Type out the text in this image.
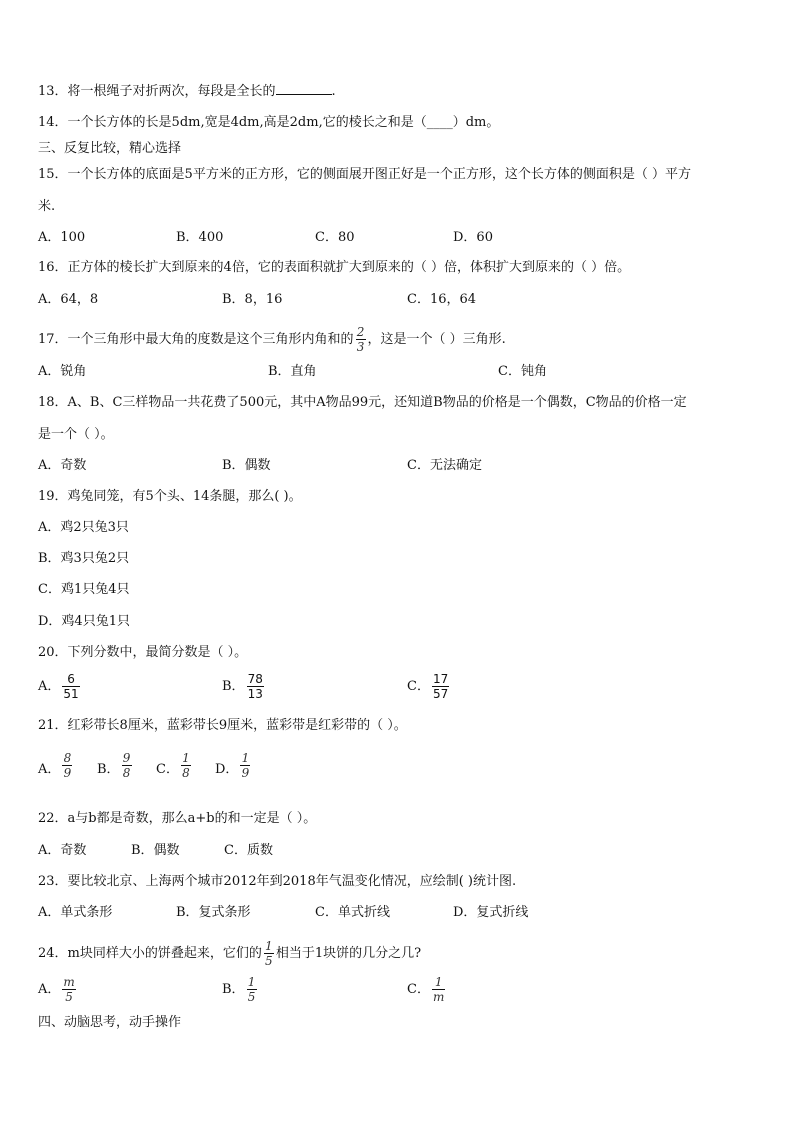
13．将一根绳子对折两次，每段是全长的	.
14．一个长方体的长是5dm,宽是4dm,高是2dm,它的棱长之和是（____）dm。
三、反复比较，精心选择
15．一个长方体的底面是5平方米的正方形，它的侧面展开图正好是一个正方形，这个长方体的侧面积是（ ）平方
米.
A．100	B．400	C．80	D．60
16．正方体的棱长扩大到原来的4倍，它的表面积就扩大到原来的（ ）倍，体积扩大到原来的（ ）倍。
A．64，8	B．8，16	C．16，64
17．一个三角形中最大角的度数是这个三角形内角和的 $\frac{2}{3}$ ，这是一个（ ）三角形.
A．锐角	B．直角	C．钝角
18．A、B、C三样物品一共花费了500元，其中A物品99元，还知道B物品的价格是一个偶数，C物品的价格一定
是一个（ ）。
A．奇数	B．偶数	C．无法确定
19．鸡兔同笼，有5个头、14条腿，那么( )。
A．鸡2只兔3只
B．鸡3只兔2只
C．鸡1只兔4只
D．鸡4只兔1只
20．下列分数中，最简分数是（ ）。
A． $\frac{6}{51}$	B． $\frac{78}{13}$	C． $\frac{17}{57}$
21．红彩带长8厘米，蓝彩带长9厘米，蓝彩带是红彩带的（ ）。
A． $\frac{8}{9}$ B． $\frac{9}{8}$ C． $\frac{1}{8}$ D． $\frac{1}{9}$
22．a与b都是奇数，那么a+b的和一定是（ ）。
A．奇数	B．偶数	C．质数
23．要比较北京、上海两个城市2012年到2018年气温变化情况，应绘制( )统计图.
A．单式条形	B．复式条形	C．单式折线	D．复式折线
24．m块同样大小的饼叠起来，它们的 $\frac{1}{5}$ 相当于1块饼的几分之几?
A． $\frac{m}{5}$	B． $\frac{1}{5}$	C． $\frac{1}{m}$
四、动脑思考，动手操作
